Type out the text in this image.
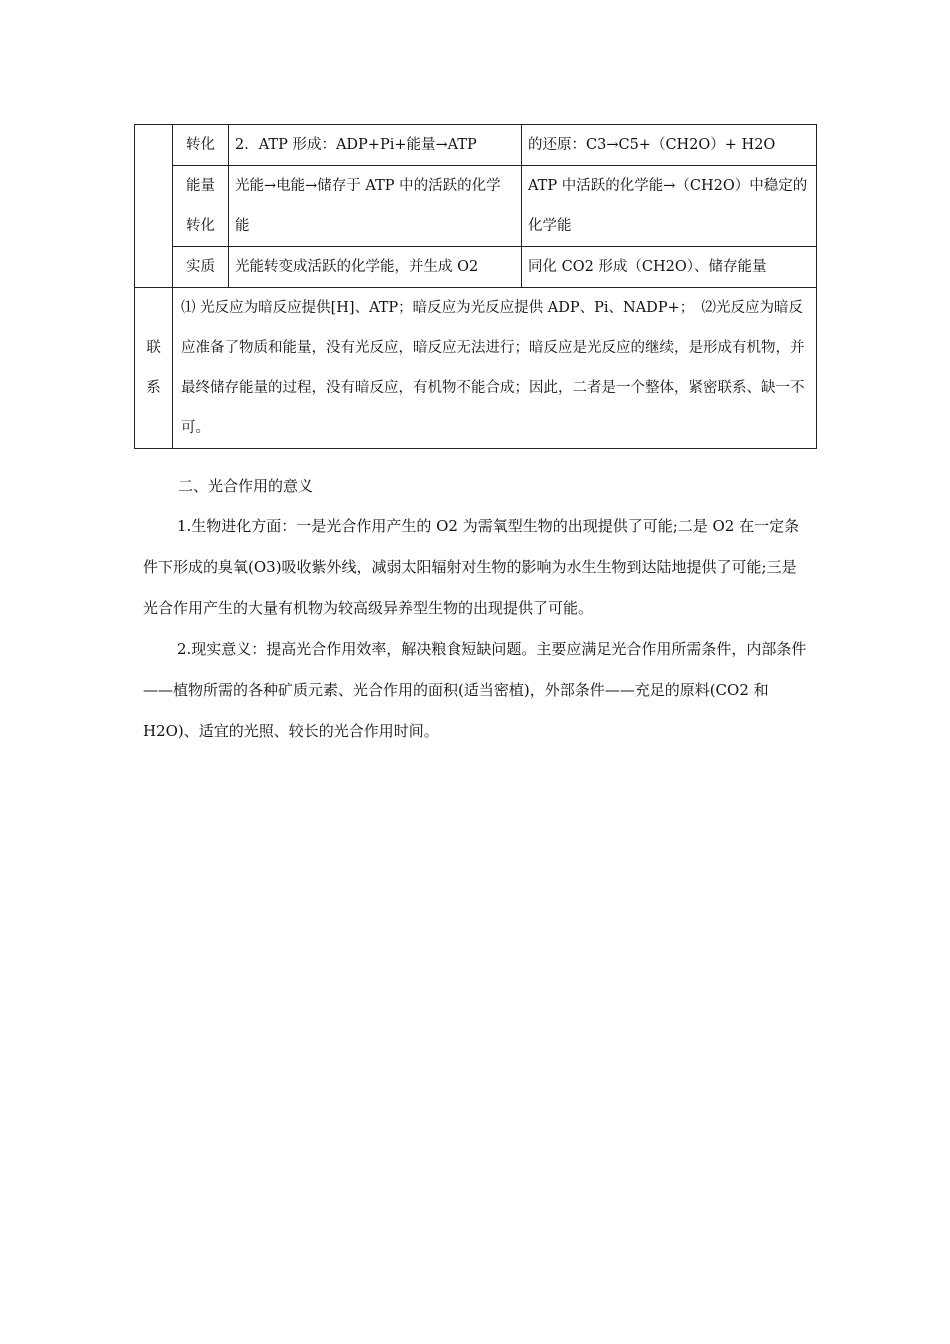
	转化	2．ATP 形成：ADP+Pi+能量→ATP	的还原：C3→C5+（CH2O）+ H2O

	能量
转化	光能→电能→储存于 ATP 中的活跃的化学能	ATP 中活跃的化学能→（CH2O）中稳定的化学能
	实质	光能转变成活跃的化学能，并生成 O2	同化 CO2 形成（CH2O）、储存能量

联
系	⑴ 光反应为暗反应提供[H]、ATP；暗反应为光反应提供 ADP、Pi、NADP+；　⑵光反应为暗反应准备了物质和能量，没有光反应，暗反应无法进行；暗反应是光反应的继续，是形成有机物，并最终储存能量的过程，没有暗反应，有机物不能合成；因此，二者是一个整体，紧密联系、缺一不可。		

二、光合作用的意义

1.生物进化方面：一是光合作用产生的 O2 为需氧型生物的出现提供了可能;二是 O2 在一定条件下形成的臭氧(O3)吸收紫外线，减弱太阳辐射对生物的影响为水生生物到达陆地提供了可能;三是光合作用产生的大量有机物为较高级异养型生物的出现提供了可能。

2.现实意义：提高光合作用效率，解决粮食短缺问题。主要应满足光合作用所需条件，内部条件——植物所需的各种矿质元素、光合作用的面积(适当密植)，外部条件——充足的原料(CO2 和 H2O)、适宜的光照、较长的光合作用时间。
